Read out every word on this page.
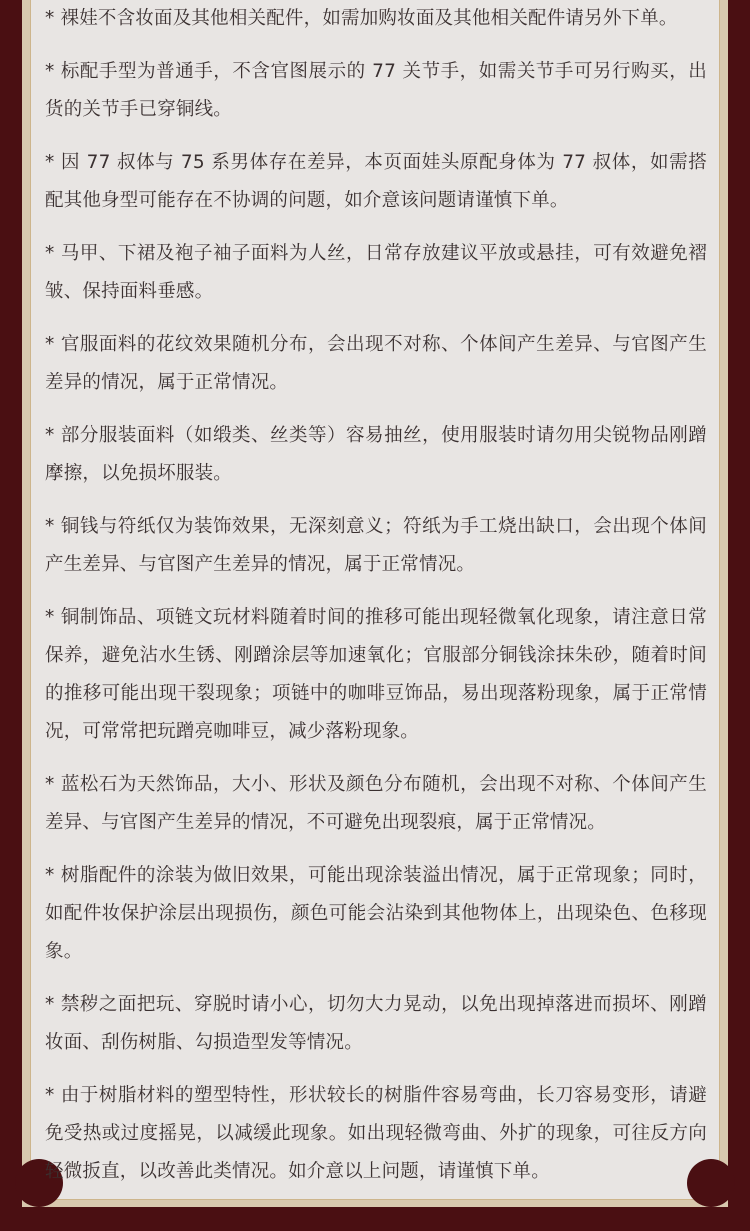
* 裸娃不含妆面及其他相关配件，如需加购妆面及其他相关配件请另外下单。

* 标配手型为普通手，不含官图展示的 77 关节手，如需关节手可另行购买，出货的关节手已穿铜线。

* 因 77 叔体与 75 系男体存在差异，本页面娃头原配身体为 77 叔体，如需搭配其他身型可能存在不协调的问题，如介意该问题请谨慎下单。

* 马甲、下裙及袍子袖子面料为人丝，日常存放建议平放或悬挂，可有效避免褶皱、保持面料垂感。

* 官服面料的花纹效果随机分布，会出现不对称、个体间产生差异、与官图产生差异的情况，属于正常情况。

* 部分服装面料（如缎类、丝类等）容易抽丝，使用服装时请勿用尖锐物品刚蹭摩擦，以免损坏服装。

* 铜钱与符纸仅为装饰效果，无深刻意义；符纸为手工烧出缺口，会出现个体间产生差异、与官图产生差异的情况，属于正常情况。

* 铜制饰品、项链文玩材料随着时间的推移可能出现轻微氧化现象，请注意日常保养，避免沾水生锈、刚蹭涂层等加速氧化；官服部分铜钱涂抹朱砂，随着时间的推移可能出现干裂现象；项链中的咖啡豆饰品，易出现落粉现象，属于正常情况，可常常把玩蹭亮咖啡豆，减少落粉现象。

* 蓝松石为天然饰品，大小、形状及颜色分布随机，会出现不对称、个体间产生差异、与官图产生差异的情况，不可避免出现裂痕，属于正常情况。

* 树脂配件的涂装为做旧效果，可能出现涂装溢出情况，属于正常现象；同时，如配件妆保护涂层出现损伤，颜色可能会沾染到其他物体上，出现染色、色移现象。

* 禁秽之面把玩、穿脱时请小心，切勿大力晃动，以免出现掉落进而损坏、刚蹭妆面、刮伤树脂、勾损造型发等情况。

* 由于树脂材料的塑型特性，形状较长的树脂件容易弯曲，长刀容易变形，请避免受热或过度摇晃，以减缓此现象。如出现轻微弯曲、外扩的现象，可往反方向轻微扳直，以改善此类情况。如介意以上问题，请谨慎下单。
